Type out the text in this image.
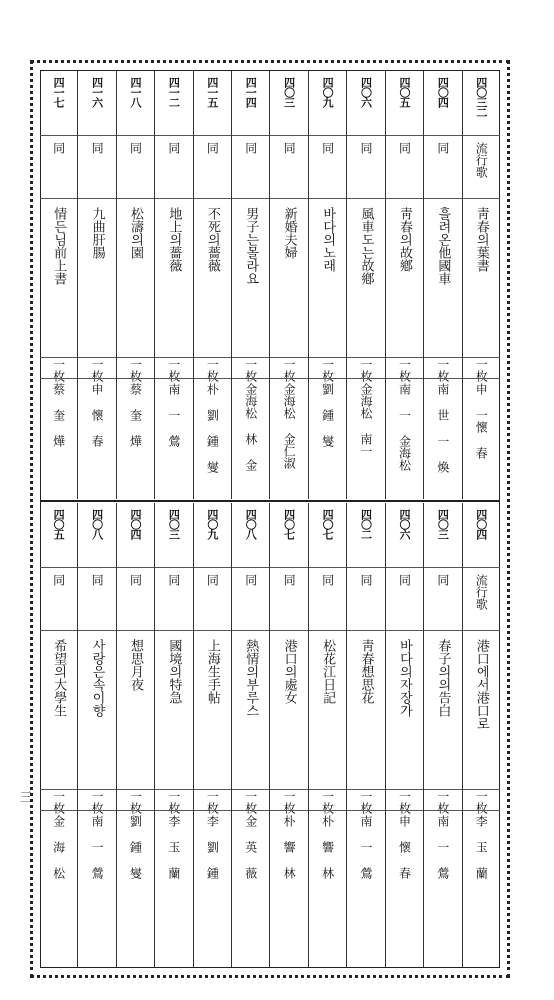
四〇三二
流行歌
靑春의葉書
一枚
申 一懷 春
四〇四
同
흘려온他國車
一枚
南 世 一 煥
四〇五
同
靑春의故鄕
一枚
南 一 金海松
四〇六
同
風車도는故鄕
一枚
金海松 南一
四〇九
同
바다의노래
一枚
劉 鍾 燮
四〇三
同
新婚夫婦
一枚
金海松 金仁淑
四一四
同
男子는몰라요
一枚
金海松 林 金
四一五
同
不死의薔薇
一枚
朴 劉 鍾 燮
四一二
同
地上의薔薇
一枚
南 一 鶯
四一八
同
松濤의園
一枚
蔡 奎 燁
四一六
同
九曲肝腸
一枚
申 懷 春
四一七
同
情든님前上書
一枚
蔡 奎 燁
四〇四
流行歌
港口에서港口로
一枚
李 玉 蘭
四〇三
同
春子의의告白
一枚
南 一 鶯
四〇六
同
바다의자장가
一枚
申 懷 春
四〇二
同
靑春想思花
一枚
南 一 鶯
四〇七
同
松花江日記
一枚
朴 響 林
四〇七
同
港口의處女
一枚
朴 響 林
四〇八
同
熱情의부루스
一枚
金 英 薇
四〇九
同
上海生手帖
一枚
李 劉 鍾
四〇三
同
國境의特急
一枚
李 玉 蘭
四〇四
同
想思月夜
一枚
劉 鍾 燮
四〇八
同
사랑은속이향
一枚
南 一 鶯
四〇五
同
希望의大學生
一枚
金 海 松
三
